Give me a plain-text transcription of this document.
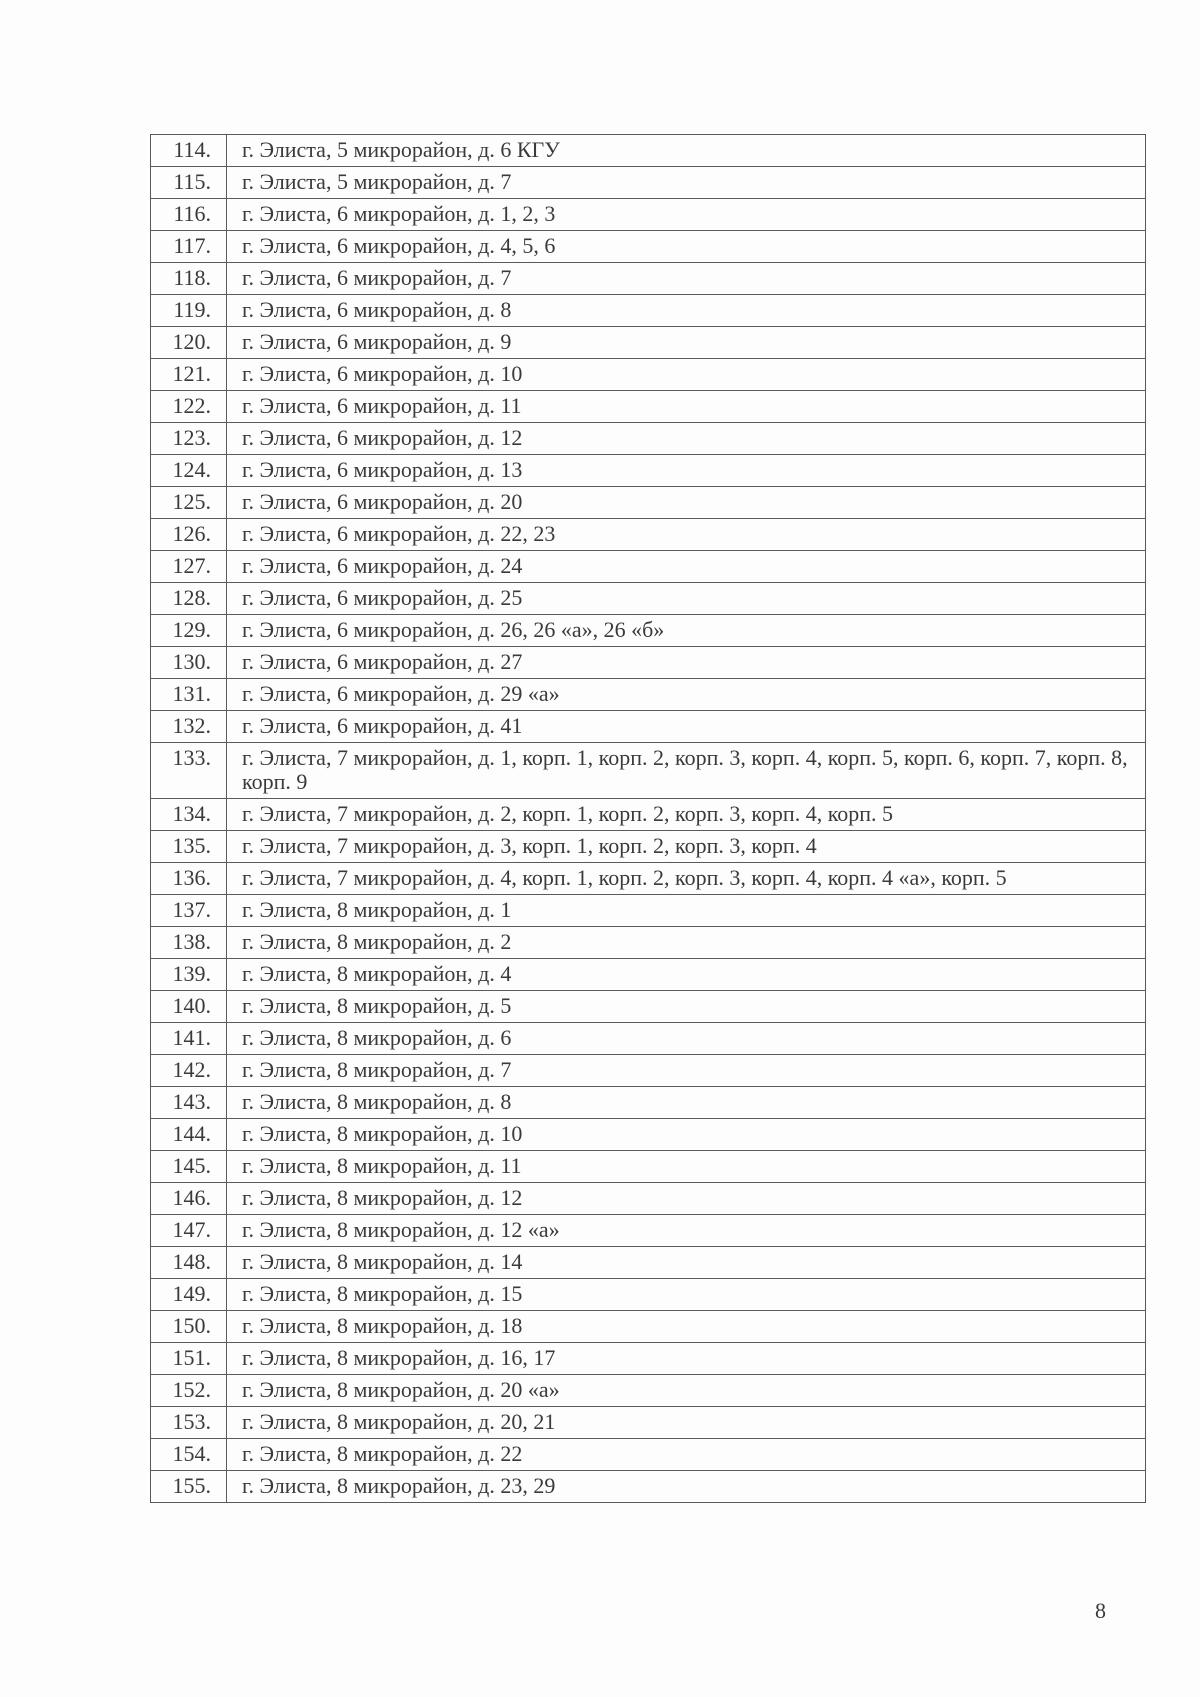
114.	г. Элиста, 5 микрорайон, д. 6 КГУ
115.	г. Элиста, 5 микрорайон, д. 7
116.	г. Элиста, 6 микрорайон, д. 1, 2, 3
117.	г. Элиста, 6 микрорайон, д. 4, 5, 6
118.	г. Элиста, 6 микрорайон, д. 7
119.	г. Элиста, 6 микрорайон, д. 8
120.	г. Элиста, 6 микрорайон, д. 9
121.	г. Элиста, 6 микрорайон, д. 10
122.	г. Элиста, 6 микрорайон, д. 11
123.	г. Элиста, 6 микрорайон, д. 12
124.	г. Элиста, 6 микрорайон, д. 13
125.	г. Элиста, 6 микрорайон, д. 20
126.	г. Элиста, 6 микрорайон, д. 22, 23
127.	г. Элиста, 6 микрорайон, д. 24
128.	г. Элиста, 6 микрорайон, д. 25
129.	г. Элиста, 6 микрорайон, д. 26, 26 «а», 26 «б»
130.	г. Элиста, 6 микрорайон, д. 27
131.	г. Элиста, 6 микрорайон, д. 29 «а»
132.	г. Элиста, 6 микрорайон, д. 41
133.	г. Элиста, 7 микрорайон, д. 1, корп. 1, корп. 2, корп. 3, корп. 4, корп. 5, корп. 6, корп. 7, корп. 8, корп. 9
134.	г. Элиста, 7 микрорайон, д. 2, корп. 1, корп. 2, корп. 3, корп. 4, корп. 5
135.	г. Элиста, 7 микрорайон, д. 3, корп. 1, корп. 2, корп. 3, корп. 4
136.	г. Элиста, 7 микрорайон, д. 4, корп. 1, корп. 2, корп. 3, корп. 4, корп. 4 «а», корп. 5
137.	г. Элиста, 8 микрорайон, д. 1
138.	г. Элиста, 8 микрорайон, д. 2
139.	г. Элиста, 8 микрорайон, д. 4
140.	г. Элиста, 8 микрорайон, д. 5
141.	г. Элиста, 8 микрорайон, д. 6
142.	г. Элиста, 8 микрорайон, д. 7
143.	г. Элиста, 8 микрорайон, д. 8
144.	г. Элиста, 8 микрорайон, д. 10
145.	г. Элиста, 8 микрорайон, д. 11
146.	г. Элиста, 8 микрорайон, д. 12
147.	г. Элиста, 8 микрорайон, д. 12 «а»
148.	г. Элиста, 8 микрорайон, д. 14
149.	г. Элиста, 8 микрорайон, д. 15
150.	г. Элиста, 8 микрорайон, д. 18
151.	г. Элиста, 8 микрорайон, д. 16, 17
152.	г. Элиста, 8 микрорайон, д. 20 «а»
153.	г. Элиста, 8 микрорайон, д. 20, 21
154.	г. Элиста, 8 микрорайон, д. 22
155.	г. Элиста, 8 микрорайон, д. 23, 29
8
